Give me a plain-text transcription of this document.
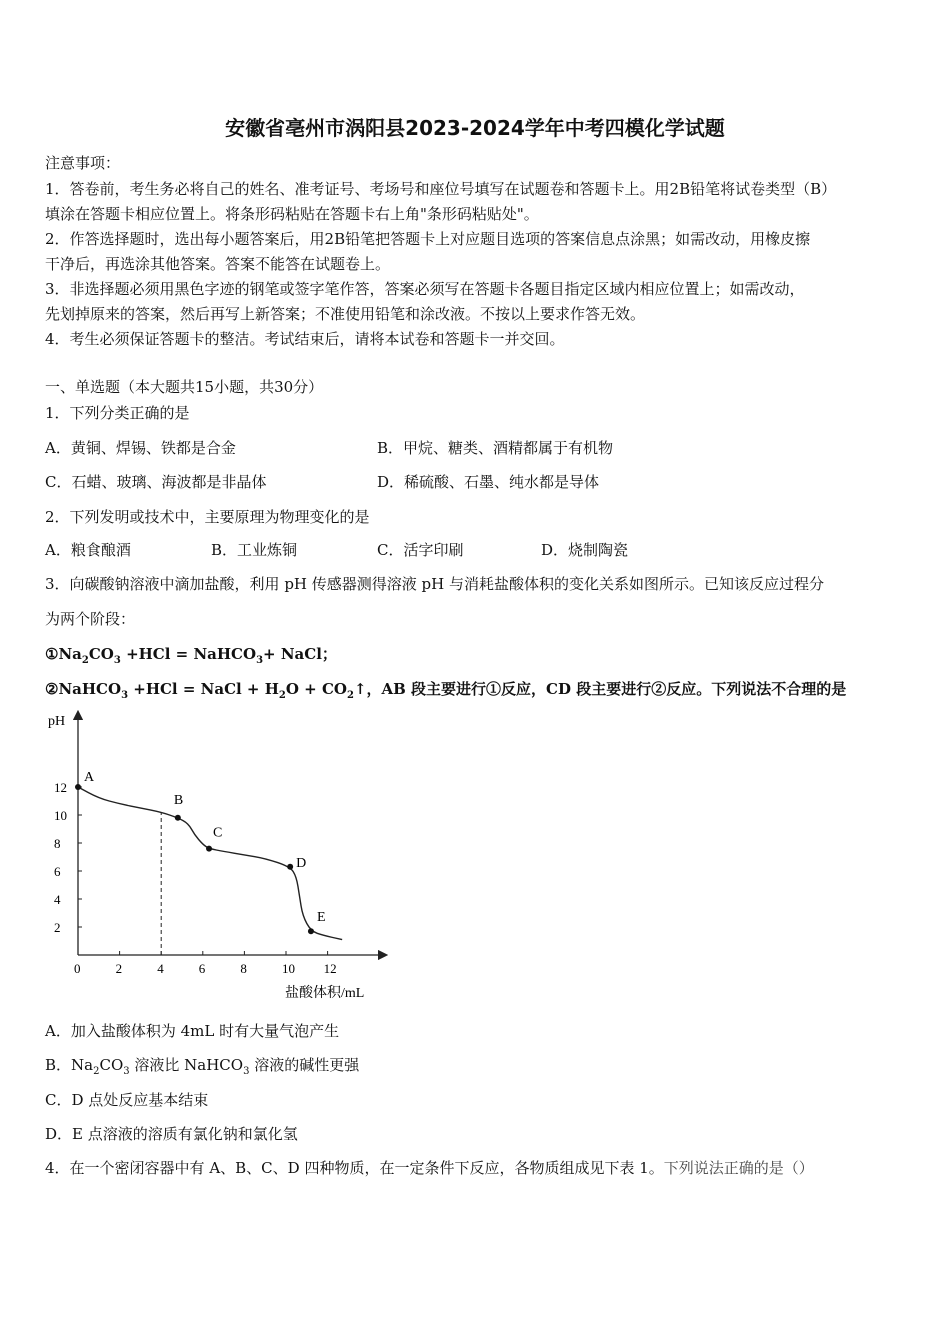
安徽省亳州市涡阳县2023-2024学年中考四模化学试题
注意事项：
1．答卷前，考生务必将自己的姓名、准考证号、考场号和座位号填写在试题卷和答题卡上。用2B铅笔将试卷类型（B）
填涂在答题卡相应位置上。将条形码粘贴在答题卡右上角"条形码粘贴处"。
2．作答选择题时，选出每小题答案后，用2B铅笔把答题卡上对应题目选项的答案信息点涂黑；如需改动，用橡皮擦
干净后，再选涂其他答案。答案不能答在试题卷上。
3．非选择题必须用黑色字迹的钢笔或签字笔作答，答案必须写在答题卡各题目指定区域内相应位置上；如需改动，
先划掉原来的答案，然后再写上新答案；不准使用铅笔和涂改液。不按以上要求作答无效。
4．考生必须保证答题卡的整洁。考试结束后，请将本试卷和答题卡一并交回。
一、单选题（本大题共15小题，共30分）
1．下列分类正确的是
A．黄铜、焊锡、铁都是合金	B．甲烷、糖类、酒精都属于有机物
C．石蜡、玻璃、海波都是非晶体	D．稀硫酸、石墨、纯水都是导体
2．下列发明或技术中，主要原理为物理变化的是
A．粮食酿酒	B．工业炼铜	C．活字印刷	D．烧制陶瓷
3．向碳酸钠溶液中滴加盐酸，利用 pH 传感器测得溶液 pH 与消耗盐酸体积的变化关系如图所示。已知该反应过程分
为两个阶段：
$①Na_2CO_3 +HCl$ = NaHCO$_3$+ NaCl；
②NaHCO$_3$ +HCl = NaCl + $H_2O$ + $CO_2↑$，AB 段主要进行①反应，CD 段主要进行②反应。下列说法不合理的是
0	2	4	6	8	10 12
2
4
6
8
10
12
A
B
C
D
E
pH
盐酸体积/mL
A．加入盐酸体积为 4mL 时有大量气泡产生
B．$Na_2CO_3$ 溶液比 NaHCO$_3$ 溶液的碱性更强
C．D 点处反应基本结束
D．E 点溶液的溶质有氯化钠和氯化氢
4．在一个密闭容器中有 A、B、C、D 四种物质，在一定条件下反应，各物质组成见下表 1。下列说法正确的是（）
